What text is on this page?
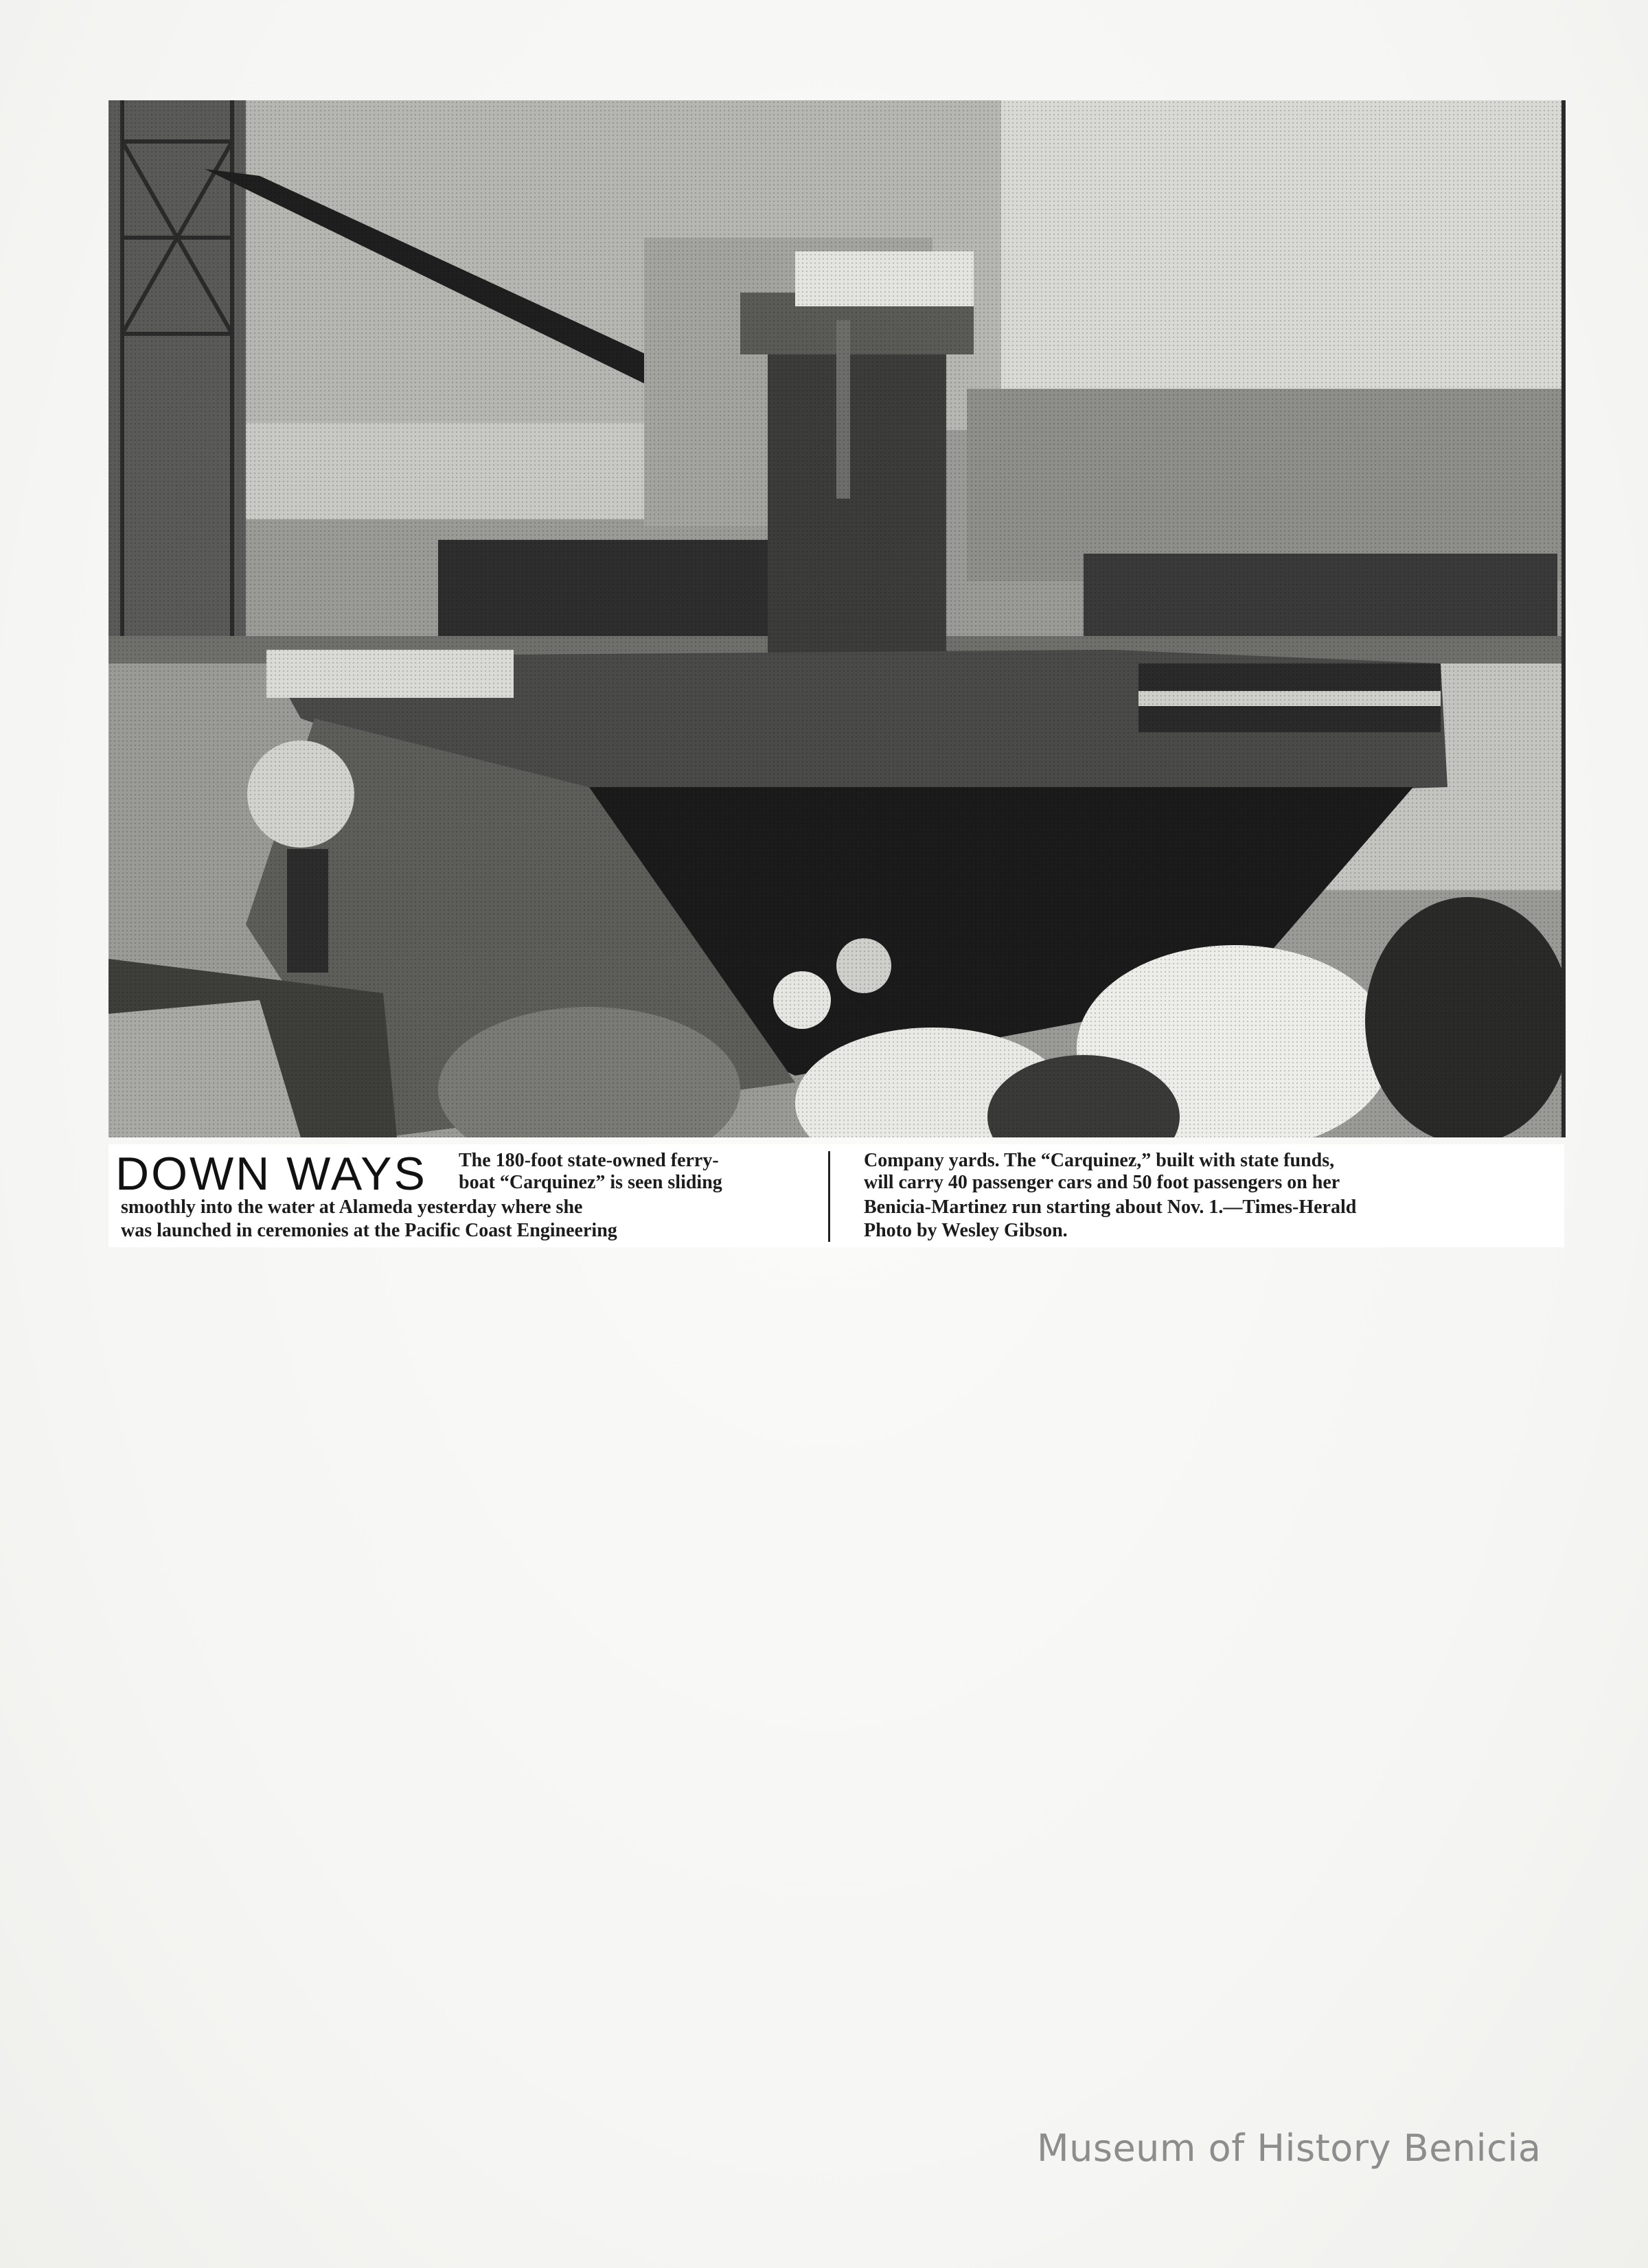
DOWN WAYS The 180-foot state-owned ferry-
boat “Carquinez” is seen sliding
smoothly into the water at Alameda yesterday where she
was launched in ceremonies at the Pacific Coast Engineering
Company yards. The “Carquinez,” built with state funds,
will carry 40 passenger cars and 50 foot passengers on her
Benicia-Martinez run starting about Nov. 1.—Times-Herald
Photo by Wesley Gibson.
Museum of History Benicia
